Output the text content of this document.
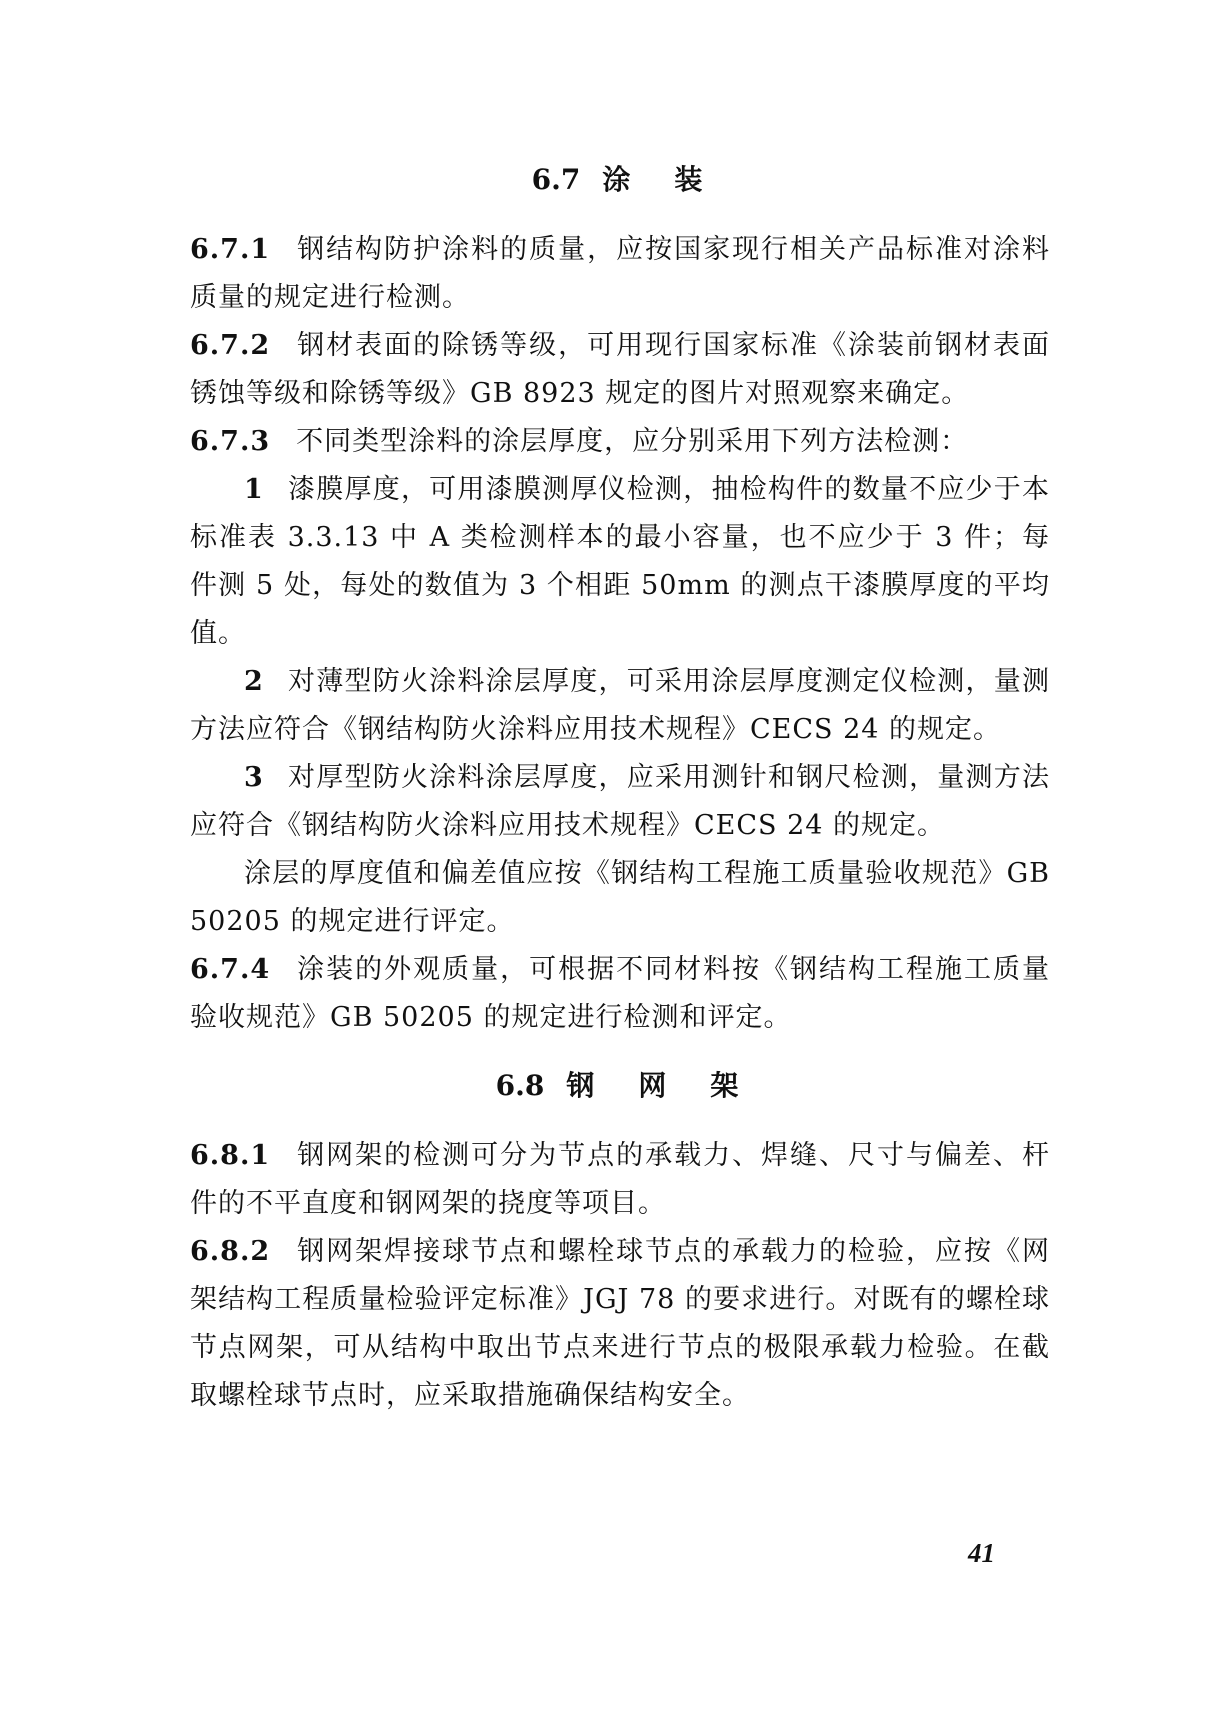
6.7 涂 装

6.7.1 钢结构防护涂料的质量，应按国家现行相关产品标准对涂料质量的规定进行检测。

6.7.2 钢材表面的除锈等级，可用现行国家标准《涂装前钢材表面锈蚀等级和除锈等级》GB 8923 规定的图片对照观察来确定。

6.7.3 不同类型涂料的涂层厚度，应分别采用下列方法检测：

1 漆膜厚度，可用漆膜测厚仪检测，抽检构件的数量不应少于本标准表 3.3.13 中 A 类检测样本的最小容量，也不应少于 3 件；每件测 5 处，每处的数值为 3 个相距 50mm 的测点干漆膜厚度的平均值。

2 对薄型防火涂料涂层厚度，可采用涂层厚度测定仪检测，量测方法应符合《钢结构防火涂料应用技术规程》CECS 24 的规定。

3 对厚型防火涂料涂层厚度，应采用测针和钢尺检测，量测方法应符合《钢结构防火涂料应用技术规程》CECS 24 的规定。

涂层的厚度值和偏差值应按《钢结构工程施工质量验收规范》GB 50205 的规定进行评定。

6.7.4 涂装的外观质量，可根据不同材料按《钢结构工程施工质量验收规范》GB 50205 的规定进行检测和评定。

6.8 钢 网 架

6.8.1 钢网架的检测可分为节点的承载力、焊缝、尺寸与偏差、杆件的不平直度和钢网架的挠度等项目。

6.8.2 钢网架焊接球节点和螺栓球节点的承载力的检验，应按《网架结构工程质量检验评定标准》JGJ 78 的要求进行。对既有的螺栓球节点网架，可从结构中取出节点来进行节点的极限承载力检验。在截取螺栓球节点时，应采取措施确保结构安全。

41
